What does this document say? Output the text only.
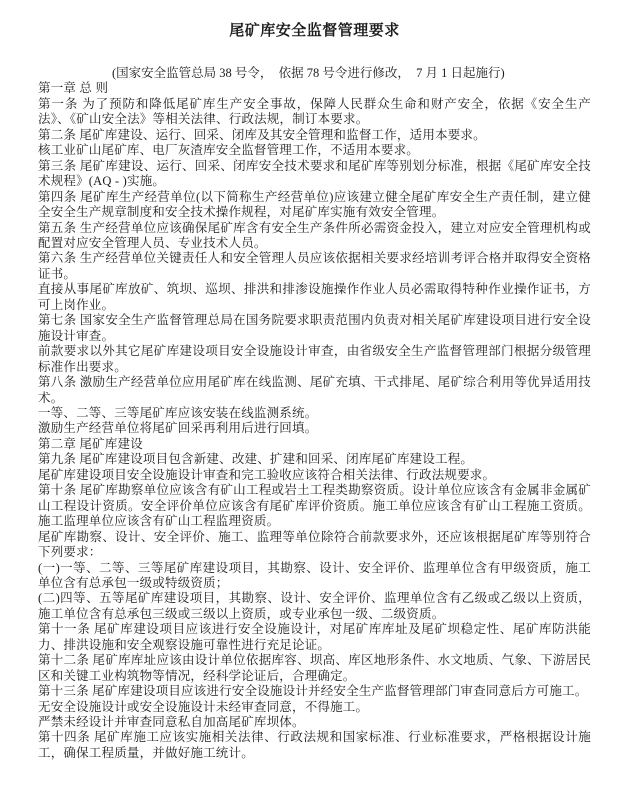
尾矿库安全监督管理要求

(国家安全监管总局 38 号令，  依据 78 号令进行修改，  7 月 1 日起施行)

第一章 总 则

第一条 为了预防和降低尾矿库生产安全事故，保障人民群众生命和财产安全，依据《安全生产法》、《矿山安全法》等相关法律、行政法规，制订本要求。

第二条 尾矿库建设、运行、回采、闭库及其安全管理和监督工作，适用本要求。

核工业矿山尾矿库、电厂灰渣库安全监督管理工作，不适用本要求。

第三条 尾矿库建设、运行、回采、闭库安全技术要求和尾矿库等别划分标准，根据《尾矿库安全技术规程》(AQ - )实施。

第四条 尾矿库生产经营单位(以下简称生产经营单位)应该建立健全尾矿库安全生产责任制，建立健全安全生产规章制度和安全技术操作规程，对尾矿库实施有效安全管理。

第五条 生产经营单位应该确保尾矿库含有安全生产条件所必需资金投入，建立对应安全管理机构或配置对应安全管理人员、专业技术人员。

第六条 生产经营单位关键责任人和安全管理人员应该依据相关要求经培训考评合格并取得安全资格证书。

直接从事尾矿库放矿、筑坝、巡坝、排洪和排渗设施操作作业人员必需取得特种作业操作证书，方可上岗作业。

第七条 国家安全生产监督管理总局在国务院要求职责范围内负责对相关尾矿库建设项目进行安全设施设计审查。

前款要求以外其它尾矿库建设项目安全设施设计审查，由省级安全生产监督管理部门根据分级管理标准作出要求。

第八条 激励生产经营单位应用尾矿库在线监测、尾矿充填、干式排尾、尾矿综合利用等优异适用技术。

一等、二等、三等尾矿库应该安装在线监测系统。

激励生产经营单位将尾矿回采再利用后进行回填。

第二章 尾矿库建设

第九条 尾矿库建设项目包含新建、改建、扩建和回采、闭库尾矿库建设工程。

尾矿库建设项目安全设施设计审查和完工验收应该符合相关法律、行政法规要求。

第十条 尾矿库勘察单位应该含有矿山工程或岩土工程类勘察资质。设计单位应该含有金属非金属矿山工程设计资质。安全评价单位应该含有尾矿库评价资质。施工单位应该含有矿山工程施工资质。施工监理单位应该含有矿山工程监理资质。

尾矿库勘察、设计、安全评价、施工、监理等单位除符合前款要求外，还应该根据尾矿库等别符合下列要求：

(一)一等、二等、三等尾矿库建设项目，其勘察、设计、安全评价、监理单位含有甲级资质，施工单位含有总承包一级或特级资质；

(二)四等、五等尾矿库建设项目，其勘察、设计、安全评价、监理单位含有乙级或乙级以上资质，施工单位含有总承包三级或三级以上资质，或专业承包一级、二级资质。

第十一条 尾矿库建设项目应该进行安全设施设计，对尾矿库库址及尾矿坝稳定性、尾矿库防洪能力、排洪设施和安全观察设施可靠性进行充足论证。

第十二条 尾矿库库址应该由设计单位依据库容、坝高、库区地形条件、水文地质、气象、下游居民区和关键工业构筑物等情况，经科学论证后，合理确定。

第十三条 尾矿库建设项目应该进行安全设施设计并经安全生产监督管理部门审查同意后方可施工。

无安全设施设计或安全设施设计未经审查同意，不得施工。

严禁未经设计并审查同意私自加高尾矿库坝体。

第十四条 尾矿库施工应该实施相关法律、行政法规和国家标准、行业标准要求，严格根据设计施工，确保工程质量，并做好施工统计。
